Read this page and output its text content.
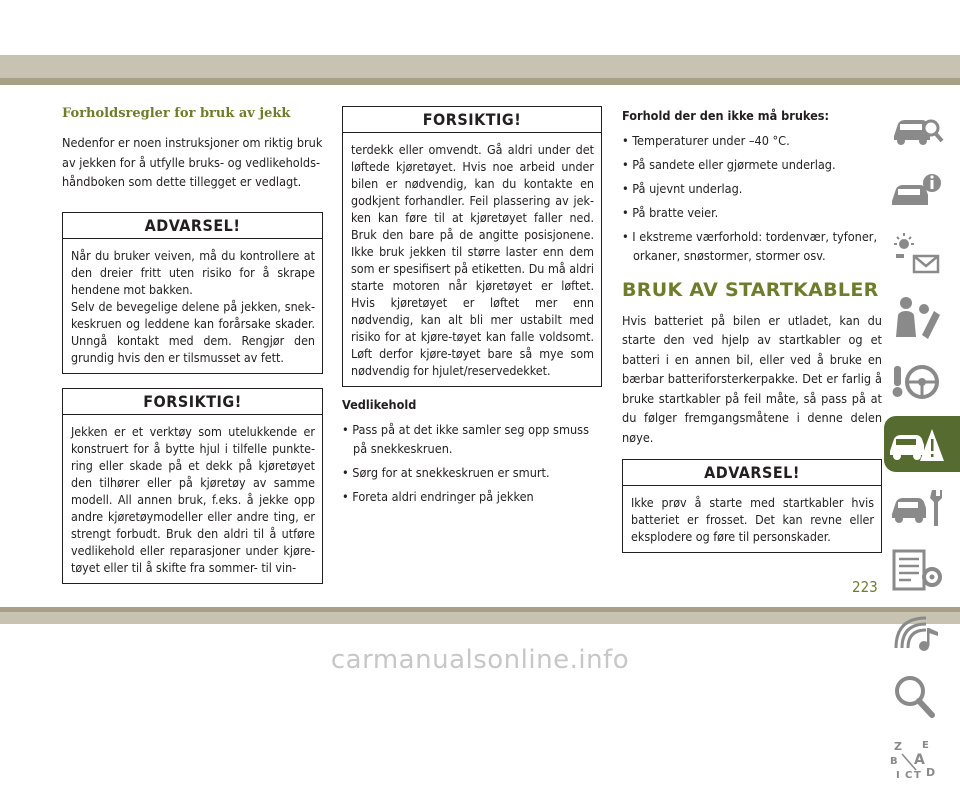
Forholdsregler for bruk av jekk

Nedenfor er noen instruksjoner om riktig bruk av jekken for å utfylle bruks- og vedlikeholds-håndboken som dette tillegget er vedlagt.

ADVARSEL!

Når du bruker veiven, må du kontrollere at den dreier fritt uten risiko for å skrape hendene mot bakken.

Selv de bevegelige delene på jekken, snek-keskruen og leddene kan forårsake skader. Unngå kontakt med dem. Rengjør den grundig hvis den er tilsmusset av fett.

FORSIKTIG!
Jekken er et verktøy som utelukkende er konstruert for å bytte hjul i tilfelle punkte-ring eller skade på et dekk på kjøretøyet den tilhører eller på kjøretøy av samme modell. All annen bruk, f.eks. å jekke opp andre kjøretøymodeller eller andre ting, er strengt forbudt. Bruk den aldri til å utføre vedlikehold eller reparasjoner under kjøre-tøyet eller til å skifte fra sommer- til vin-
FORSIKTIG!
terdekk eller omvendt. Gå aldri under det løftede kjøretøyet. Hvis noe arbeid under bilen er nødvendig, kan du kontakte en godkjent forhandler. Feil plassering av jek-ken kan føre til at kjøretøyet faller ned. Bruk den bare på de angitte posisjonene. Ikke bruk jekken til større laster enn dem som er spesifisert på etiketten. Du må aldri starte motoren når kjøretøyet er løftet. Hvis kjøretøyet er løftet mer enn nødvendig, kan alt bli mer ustabilt med risiko for at kjøre-tøyet kan falle voldsomt. Løft derfor kjøre-tøyet bare så mye som nødvendig for hjulet/reservedekket.
Vedlikehold
• Pass på at det ikke samler seg opp smuss på snekkeskruen.
• Sørg for at snekkeskruen er smurt.
• Foreta aldri endringer på jekken
Forhold der den ikke må brukes:
• Temperaturer under –40 °C.
• På sandete eller gjørmete underlag.
• På ujevnt underlag.
• På bratte veier.
• I ekstreme værforhold: tordenvær, tyfoner, orkaner, snøstormer, stormer osv.
BRUK AV STARTKABLER

Hvis batteriet på bilen er utladet, kan du starte den ved hjelp av startkabler og et batteri i en annen bil, eller ved å bruke en bærbar batteriforsterkerpakke. Det er farlig å bruke startkabler på feil måte, så pass på at du følger fremgangsmåtene i denne delen nøye.

ADVARSEL!
Ikke prøv å starte med startkabler hvis batteriet er frosset. Det kan revne eller eksplodere og føre til personskader.
Z E
B A
I C T D
223
carmanualsonline.info
